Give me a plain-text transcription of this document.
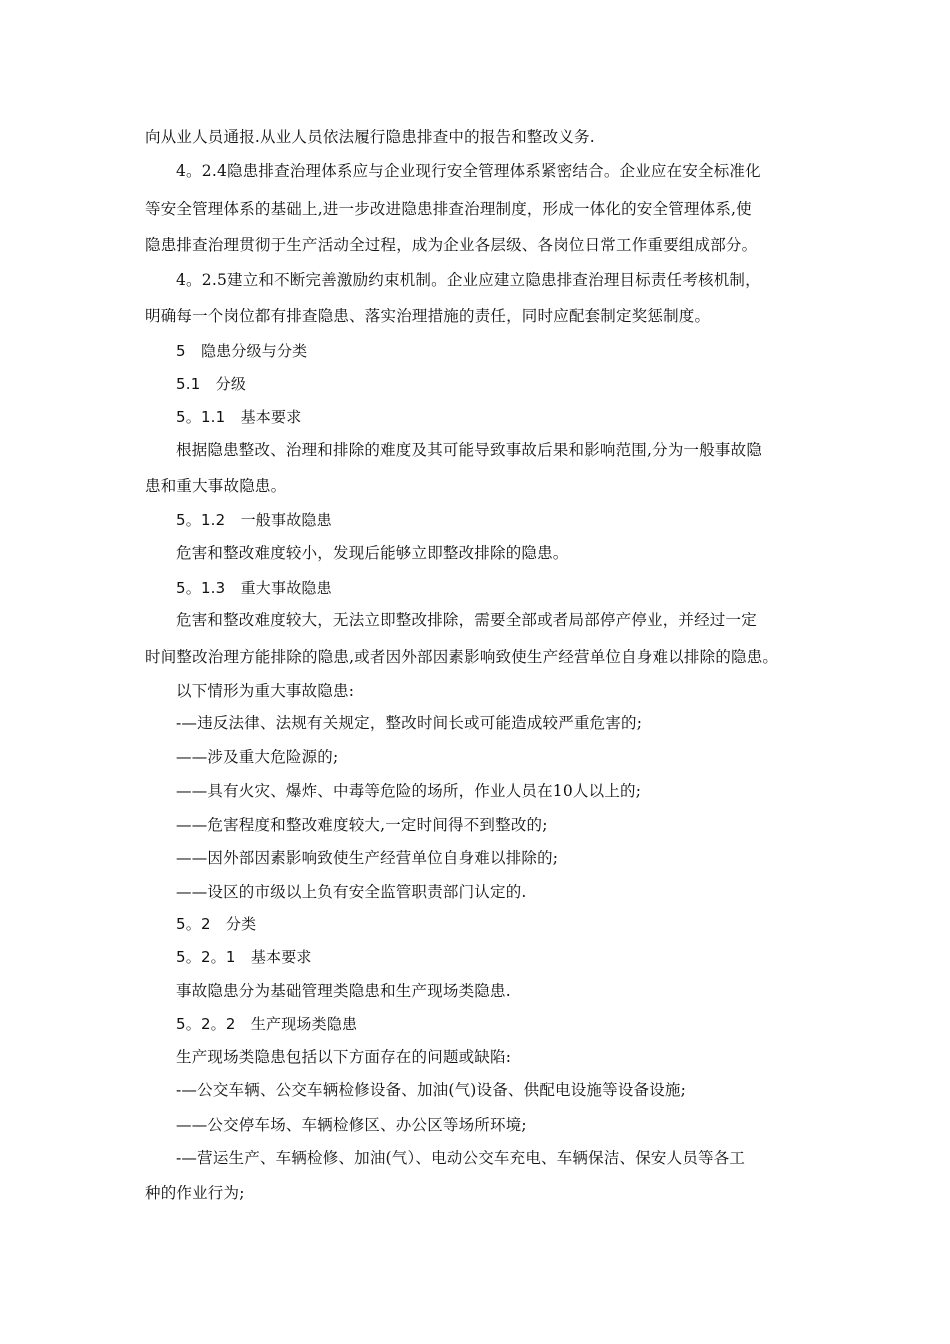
向从业人员通报.从业人员依法履行隐患排查中的报告和整改义务.
4。2.4隐患排查治理体系应与企业现行安全管理体系紧密结合。企业应在安全标准化
等安全管理体系的基础上,进一步改进隐患排查治理制度，形成一体化的安全管理体系,使
隐患排查治理贯彻于生产活动全过程，成为企业各层级、各岗位日常工作重要组成部分。
4。2.5建立和不断完善激励约束机制。企业应建立隐患排查治理目标责任考核机制，
明确每一个岗位都有排查隐患、落实治理措施的责任，同时应配套制定奖惩制度。
5　隐患分级与分类
5.1　分级
5。1.1　基本要求
根据隐患整改、治理和排除的难度及其可能导致事故后果和影响范围,分为一般事故隐
患和重大事故隐患。
5。1.2　一般事故隐患
危害和整改难度较小，发现后能够立即整改排除的隐患。
5。1.3　重大事故隐患
危害和整改难度较大，无法立即整改排除，需要全部或者局部停产停业，并经过一定
时间整改治理方能排除的隐患,或者因外部因素影响致使生产经营单位自身难以排除的隐患。
以下情形为重大事故隐患:
-—违反法律、法规有关规定，整改时间长或可能造成较严重危害的;
——涉及重大危险源的;
——具有火灾、爆炸、中毒等危险的场所，作业人员在10人以上的;
——危害程度和整改难度较大,一定时间得不到整改的;
——因外部因素影响致使生产经营单位自身难以排除的;
——设区的市级以上负有安全监管职责部门认定的.
5。2　分类
5。2。1　基本要求
事故隐患分为基础管理类隐患和生产现场类隐患.
5。2。2　生产现场类隐患
生产现场类隐患包括以下方面存在的问题或缺陷:
-—公交车辆、公交车辆检修设备、加油(气)设备、供配电设施等设备设施;
——公交停车场、车辆检修区、办公区等场所环境;
-—营运生产、车辆检修、加油(气）、电动公交车充电、车辆保洁、保安人员等各工
种的作业行为;
